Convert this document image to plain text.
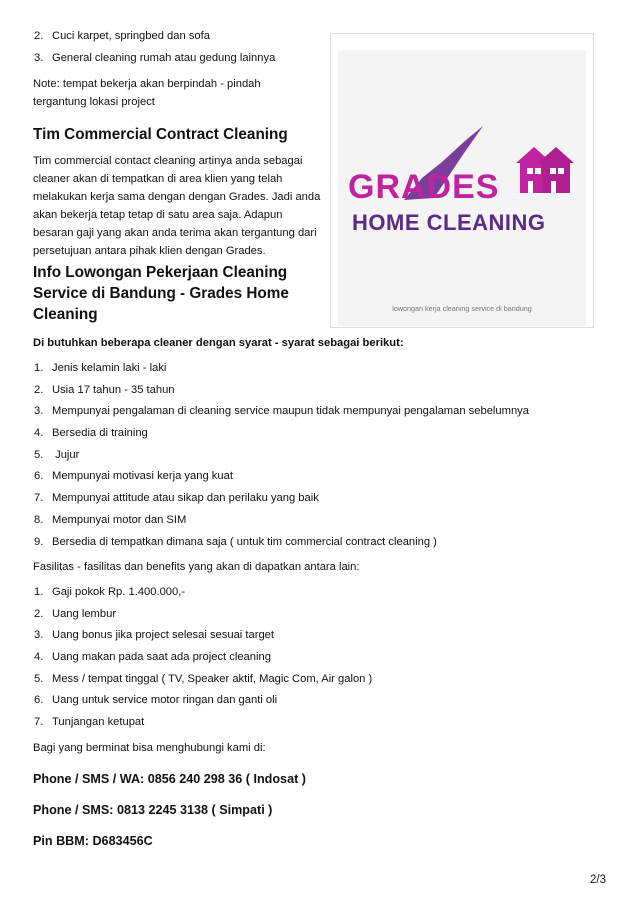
2. Cuci karpet, springbed dan sofa
3. General cleaning rumah atau gedung lainnya

Note: tempat bekerja akan berpindah - pindah tergantung lokasi project

Tim Commercial Contract Cleaning

Tim commercial contact cleaning artinya anda sebagai cleaner akan di tempatkan di area klien yang telah melakukan kerja sama dengan dengan Grades. Jadi anda akan bekerja tetap tetap di satu area saja. Adapun besaran gaji yang akan anda terima akan tergantung dari persetujuan antara pihak klien dengan Grades.

Info Lowongan Pekerjaan Cleaning Service di Bandung - Grades Home Cleaning
GRADES
HOME CLEANING
lowongan kerja cleaning service di bandung

Di butuhkan beberapa cleaner dengan syarat - syarat sebagai berikut:

1. Jenis kelamin laki - laki
2. Usia 17 tahun - 35 tahun
3. Mempunyai pengalaman di cleaning service maupun tidak mempunyai pengalaman sebelumnya
4. Bersedia di training
5. Jujur
6. Mempunyai motivasi kerja yang kuat
7. Mempunyai attitude atau sikap dan perilaku yang baik
8. Mempunyai motor dan SIM
9. Bersedia di tempatkan dimana saja ( untuk tim commercial contract cleaning )

Fasilitas - fasilitas dan benefits yang akan di dapatkan antara lain:

1. Gaji pokok Rp. 1.400.000,-
2. Uang lembur
3. Uang bonus jika project selesai sesuai target
4. Uang makan pada saat ada project cleaning
5. Mess / tempat tinggal ( TV, Speaker aktif, Magic Com, Air galon )
6. Uang untuk service motor ringan dan ganti oli
7. Tunjangan ketupat

Bagi yang berminat bisa menghubungi kami di:

Phone / SMS / WA: 0856 240 298 36 ( Indosat )

Phone / SMS: 0813 2245 3138 ( Simpati )

Pin BBM: D683456C

2/3
